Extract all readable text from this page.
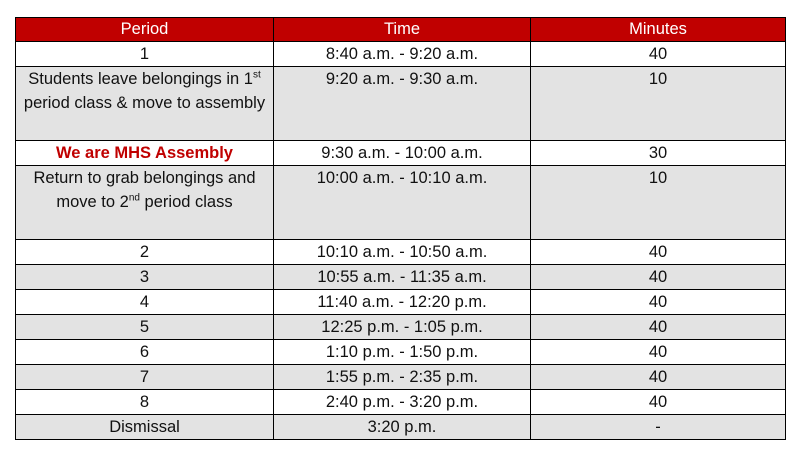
Period	Time	Minutes
1	8:40 a.m. - 9:20 a.m.	40
Students leave belongings in 1st period class & move to assembly	9:20 a.m. - 9:30 a.m.	10
We are MHS Assembly	9:30 a.m. - 10:00 a.m.	30
Return to grab belongings and move to 2nd period class	10:00 a.m. - 10:10 a.m.	10
2	10:10 a.m. - 10:50 a.m.	40
3	10:55 a.m. - 11:35 a.m.	40
4	11:40 a.m. - 12:20 p.m.	40
5	12:25 p.m. - 1:05 p.m.	40
6	1:10 p.m. - 1:50 p.m.	40
7	1:55 p.m. - 2:35 p.m.	40
8	2:40 p.m. - 3:20 p.m.	40
Dismissal	3:20 p.m.	-
